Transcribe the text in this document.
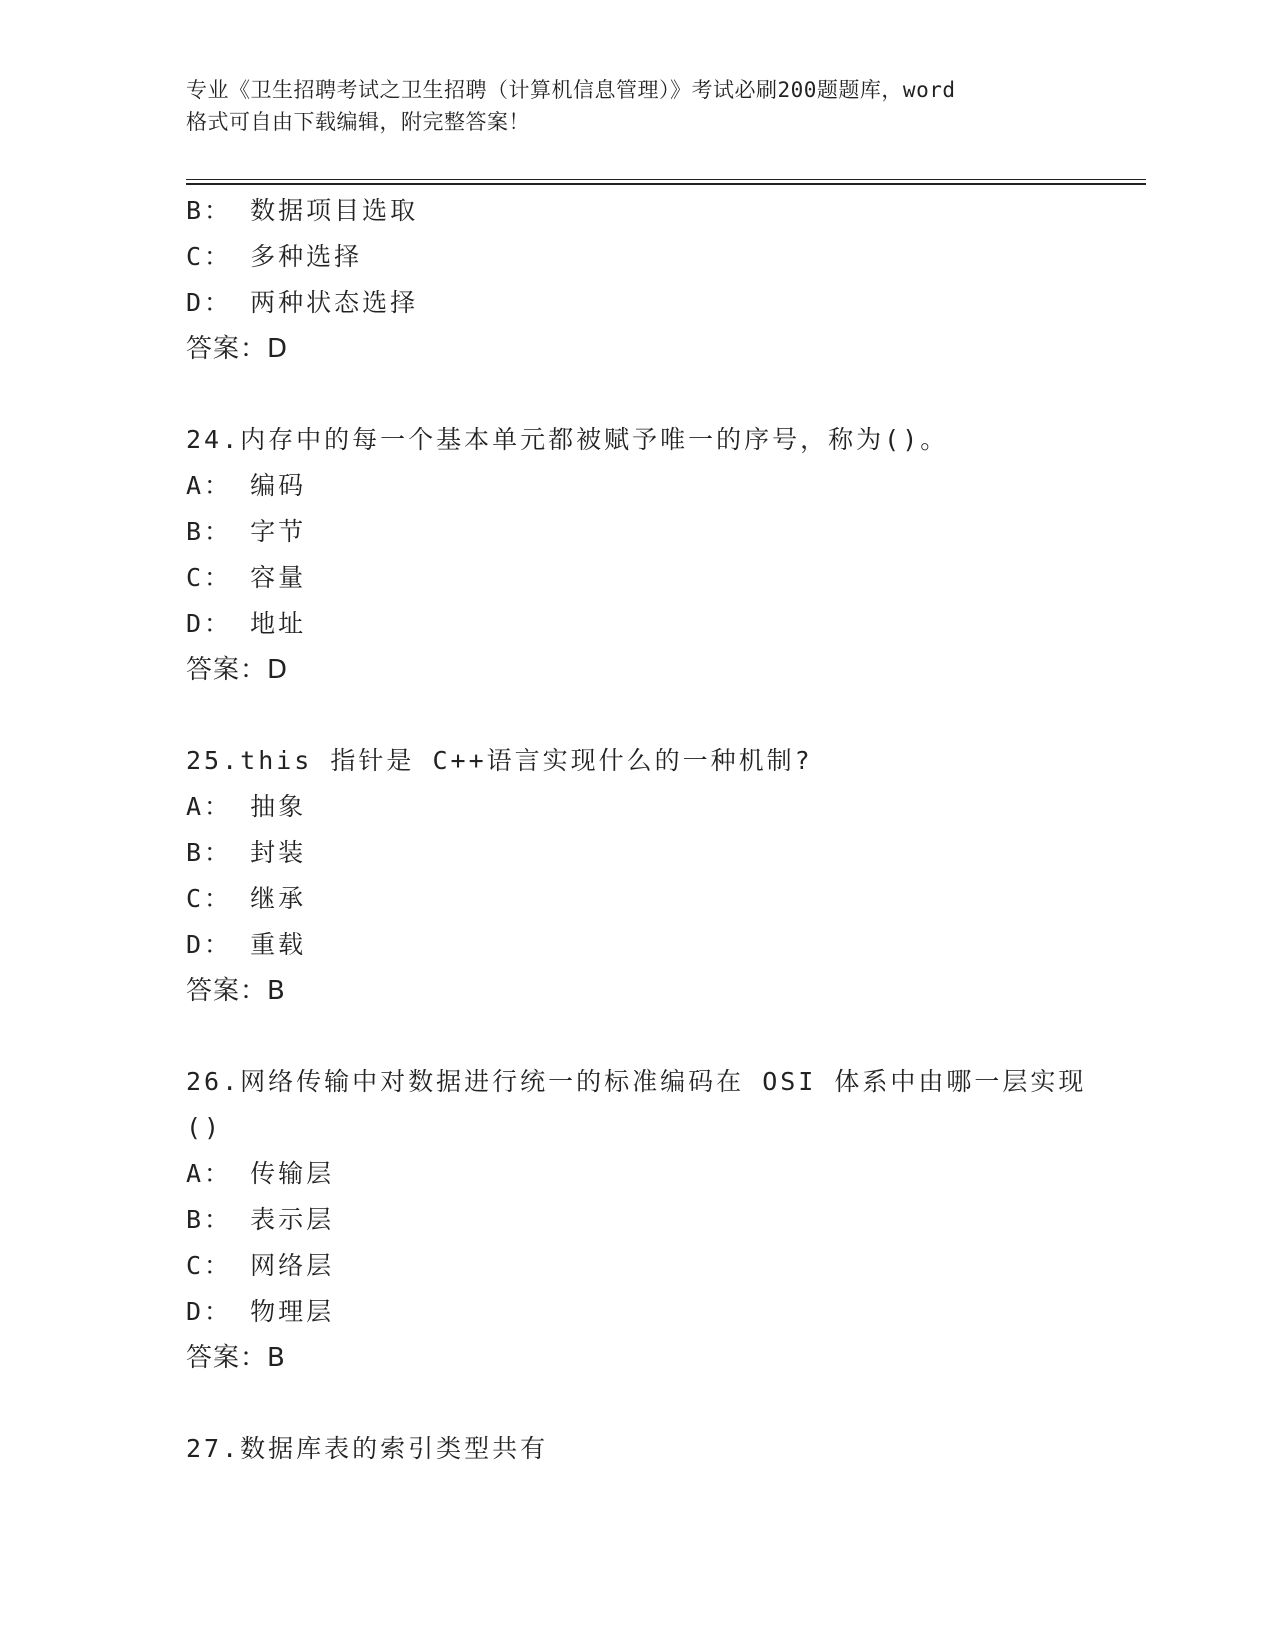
专业《卫生招聘考试之卫生招聘（计算机信息管理）》考试必刷200题题库，word
格式可自由下载编辑，附完整答案！
B： 数据项目选取
C： 多种选择
D： 两种状态选择
答案：D
24.内存中的每一个基本单元都被赋予唯一的序号，称为()。
A： 编码
B： 字节
C： 容量
D： 地址
答案：D
25.this 指针是 C++语言实现什么的一种机制?
A： 抽象
B： 封装
C： 继承
D： 重载
答案：B
26.网络传输中对数据进行统一的标准编码在 OSI 体系中由哪一层实现
()
A： 传输层
B： 表示层
C： 网络层
D： 物理层
答案：B
27.数据库表的索引类型共有
